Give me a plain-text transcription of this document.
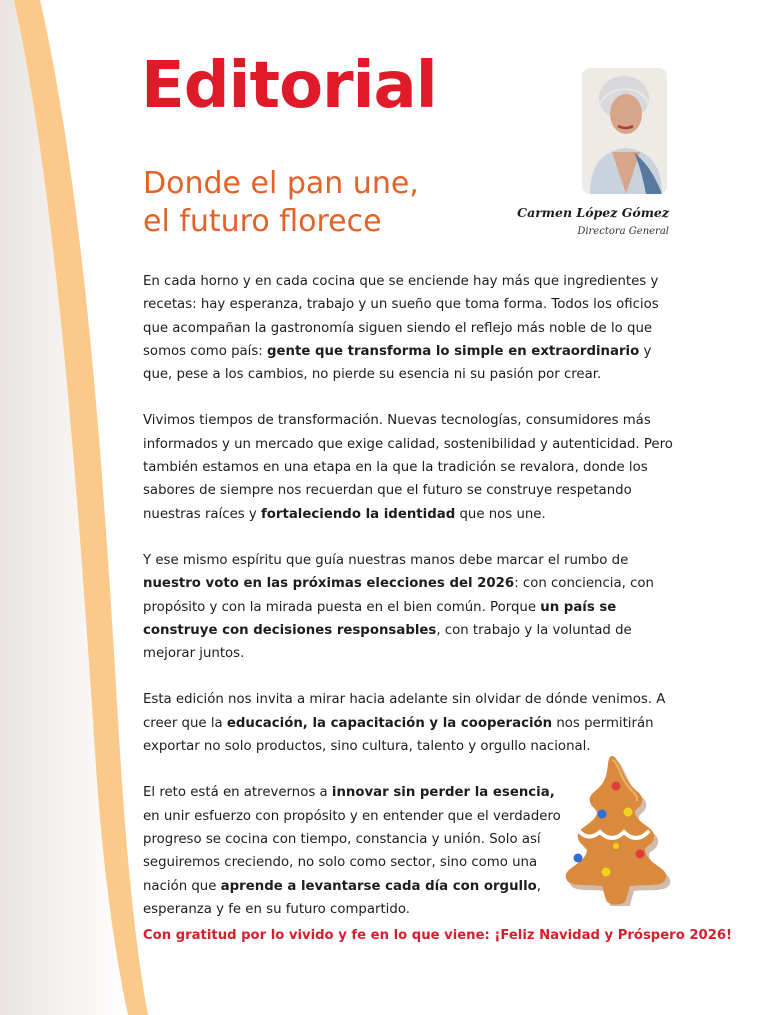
Editorial
Donde el pan une,
el futuro florece	Carmen López Gómez
Directora General

En cada horno y en cada cocina que se enciende hay más que ingredientes y recetas: hay esperanza, trabajo y un sueño que toma forma. Todos los oficios que acompañan la gastronomía siguen siendo el reflejo más noble de lo que somos como país: gente que transforma lo simple en extraordinario y que, pese a los cambios, no pierde su esencia ni su pasión por crear.

Vivimos tiempos de transformación. Nuevas tecnologías, consumidores más informados y un mercado que exige calidad, sostenibilidad y autenticidad. Pero también estamos en una etapa en la que la tradición se revalora, donde los sabores de siempre nos recuerdan que el futuro se construye respetando nuestras raíces y fortaleciendo la identidad que nos une.

Y ese mismo espíritu que guía nuestras manos debe marcar el rumbo de nuestro voto en las próximas elecciones del 2026: con conciencia, con propósito y con la mirada puesta en el bien común. Porque un país se construye con decisiones responsables, con trabajo y la voluntad de mejorar juntos.

Esta edición nos invita a mirar hacia adelante sin olvidar de dónde venimos. A creer que la educación, la capacitación y la cooperación nos permitirán exportar no solo productos, sino cultura, talento y orgullo nacional.

El reto está en atrevernos a innovar sin perder la esencia, en unir esfuerzo con propósito y en entender que el verdadero progreso se cocina con tiempo, constancia y unión. Solo así seguiremos creciendo, no solo como sector, sino como una nación que aprende a levantarse cada día con orgullo, esperanza y fe en su futuro compartido.

Con gratitud por lo vivido y fe en lo que viene: ¡Feliz Navidad y Próspero 2026!
